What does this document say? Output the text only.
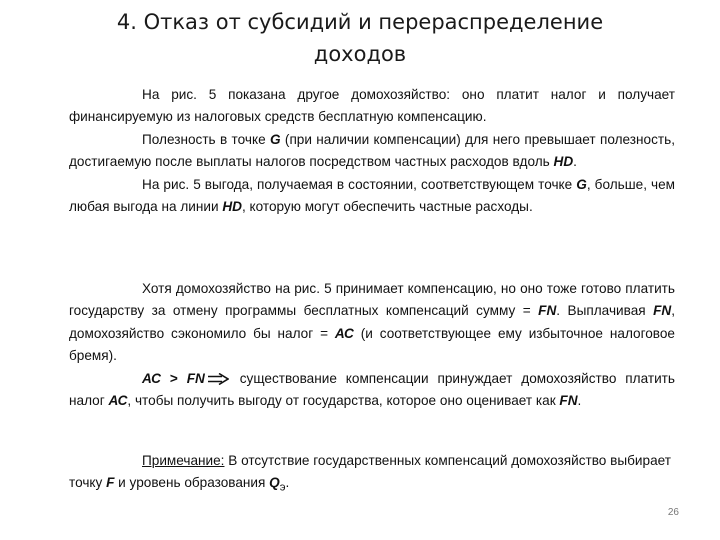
4. Отказ от субсидий и перераспределение
доходов

На рис. 5 показана другое домохозяйство: оно платит налог и получает финансируемую из налоговых средств бесплатную компенсацию.

Полезность в точке G (при наличии компенсации) для него превышает полезность, достигаемую после выплаты налогов посредством частных расходов вдоль HD.

На рис. 5 выгода, получаемая в состоянии, соответствующем точке G, больше, чем любая выгода на линии HD, которую могут обеспечить частные расходы.

Хотя домохозяйство на рис. 5 принимает компенсацию, но оно тоже готово платить государству за отмену программы бесплатных компенсаций сумму = FN. Выплачивая FN, домохозяйство сэкономило бы налог = АС (и соответствующее ему избыточное налоговое бремя).

АС > FN существование компенсации принуждает домохозяйство платить налог АС, чтобы получить выгоду от государства, которое оно оценивает как FN.

Примечание: В отсутствие государственных компенсаций домохозяйство выбирает точку F и уровень образования $Q_э$.

26
